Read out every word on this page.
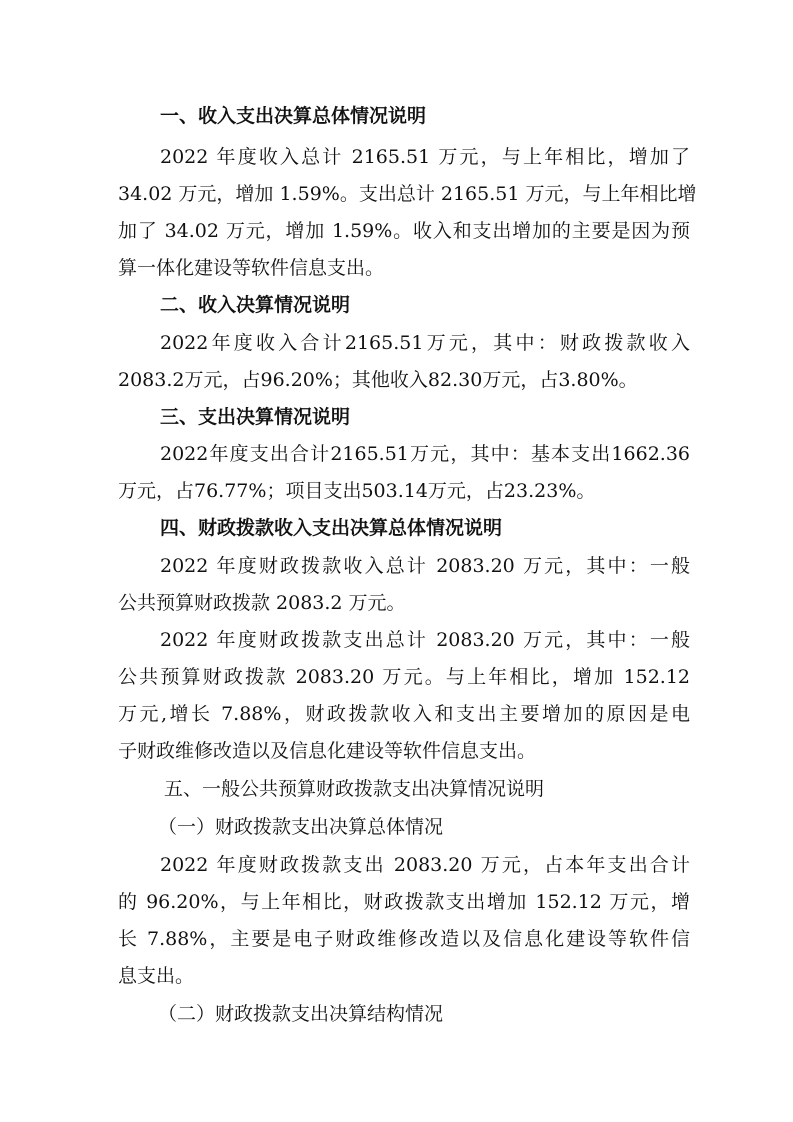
一、收入支出决算总体情况说明
2022 年度收入总计 2165.51 万元，与上年相比，增加了
34.02 万元，增加 1.59%。支出总计 2165.51 万元，与上年相比增
加了 34.02 万元，增加 1.59%。收入和支出增加的主要是因为预
算一体化建设等软件信息支出。
二、收入决算情况说明
2022年度收入合计2165.51万元，其中：财政拨款收入
2083.2万元，占96.20%；其他收入82.30万元，占3.80%。
三、支出决算情况说明
2022年度支出合计2165.51万元，其中：基本支出1662.36
万元，占76.77%；项目支出503.14万元，占23.23%。
四、财政拨款收入支出决算总体情况说明
2022 年度财政拨款收入总计 2083.20 万元，其中：一般
公共预算财政拨款 2083.2 万元。
2022 年度财政拨款支出总计 2083.20 万元，其中：一般
公共预算财政拨款 2083.20 万元。与上年相比，增加 152.12
万元,增长 7.88%，财政拨款收入和支出主要增加的原因是电
子财政维修改造以及信息化建设等软件信息支出。
五、一般公共预算财政拨款支出决算情况说明
（一）财政拨款支出决算总体情况
2022 年度财政拨款支出 2083.20 万元，占本年支出合计
的 96.20%，与上年相比，财政拨款支出增加 152.12 万元，增
长 7.88%，主要是电子财政维修改造以及信息化建设等软件信
息支出。
（二）财政拨款支出决算结构情况
